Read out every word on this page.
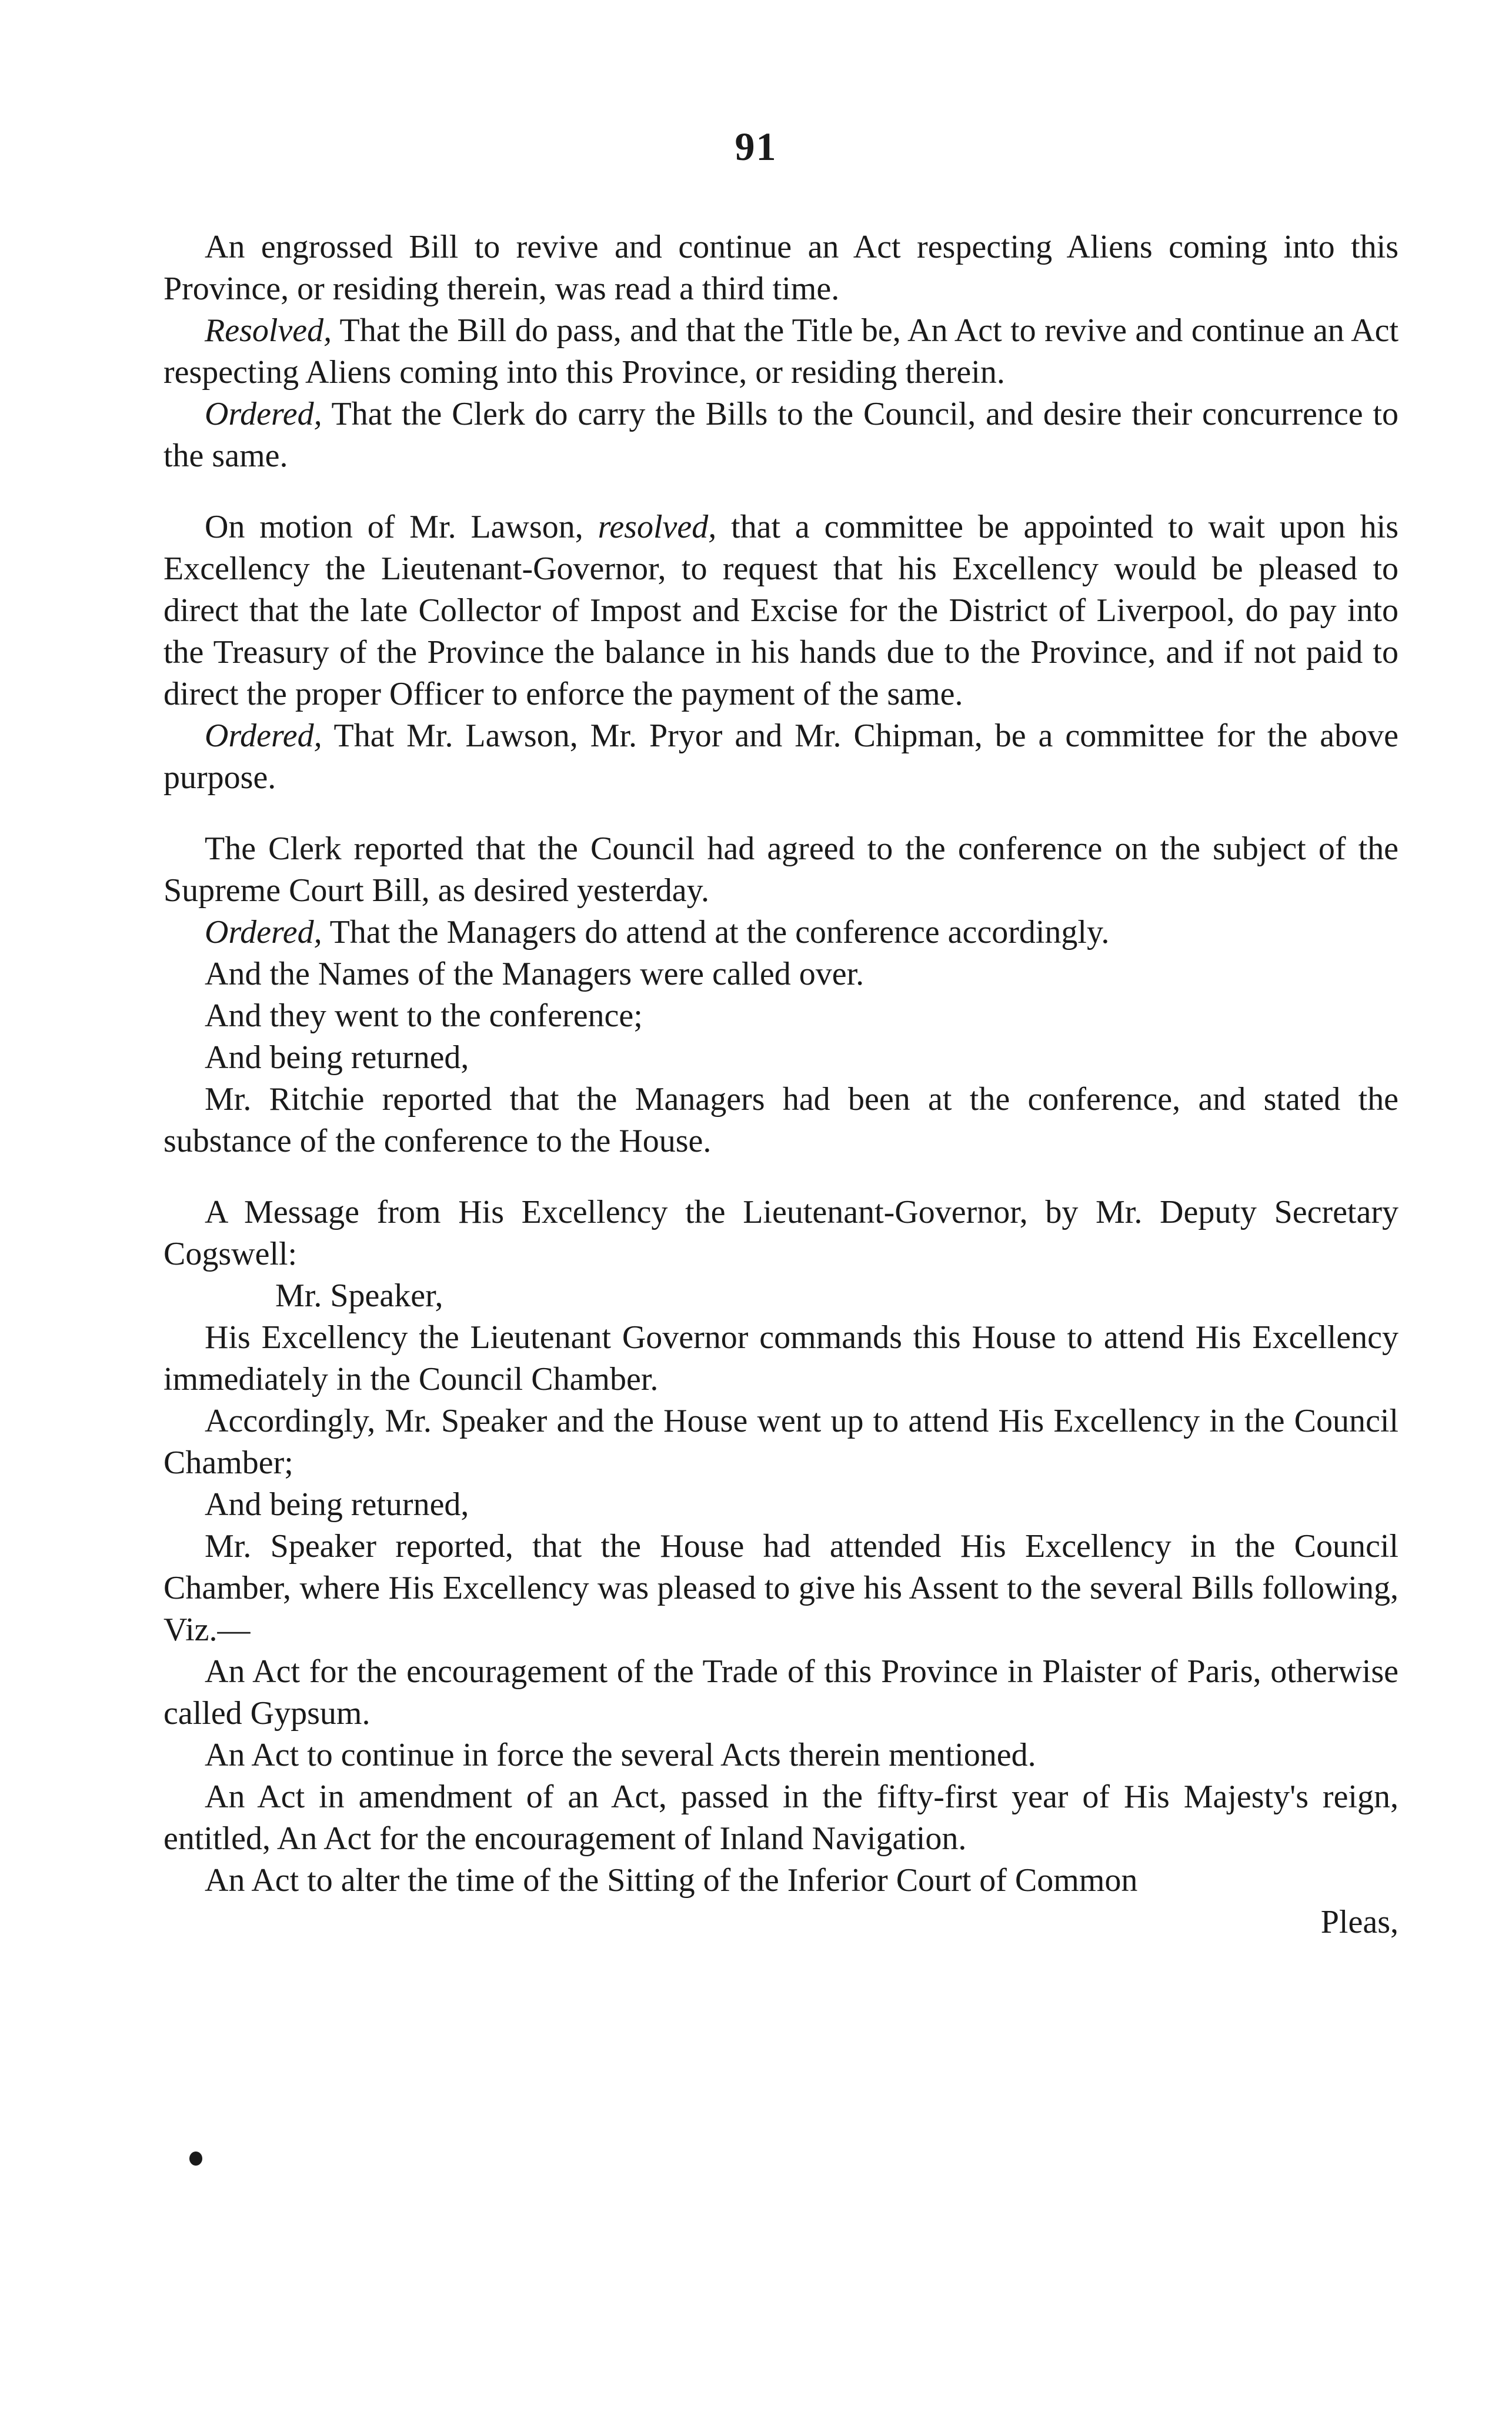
91

An engrossed Bill to revive and continue an Act respecting Aliens coming into this Province, or residing therein, was read a third time.

Resolved, That the Bill do pass, and that the Title be, An Act to revive and continue an Act respecting Aliens coming into this Province, or residing therein.

Ordered, That the Clerk do carry the Bills to the Council, and desire their concurrence to the same.

On motion of Mr. Lawson, resolved, that a committee be appointed to wait upon his Excellency the Lieutenant-Governor, to request that his Excellency would be pleased to direct that the late Collector of Impost and Excise for the District of Liverpool, do pay into the Treasury of the Province the balance in his hands due to the Province, and if not paid to direct the proper Officer to enforce the payment of the same.

Ordered, That Mr. Lawson, Mr. Pryor and Mr. Chipman, be a committee for the above purpose.

The Clerk reported that the Council had agreed to the conference on the subject of the Supreme Court Bill, as desired yesterday.

Ordered, That the Managers do attend at the conference accordingly.

And the Names of the Managers were called over.

And they went to the conference;

And being returned,

Mr. Ritchie reported that the Managers had been at the conference, and stated the substance of the conference to the House.

A Message from His Excellency the Lieutenant-Governor, by Mr. Deputy Secretary Cogswell:

Mr. Speaker,

His Excellency the Lieutenant Governor commands this House to attend His Excellency immediately in the Council Chamber.

Accordingly, Mr. Speaker and the House went up to attend His Excellency in the Council Chamber;

And being returned,

Mr. Speaker reported, that the House had attended His Excellency in the Council Chamber, where His Excellency was pleased to give his Assent to the several Bills following, Viz.—

An Act for the encouragement of the Trade of this Province in Plaister of Paris, otherwise called Gypsum.

An Act to continue in force the several Acts therein mentioned.

An Act in amendment of an Act, passed in the fifty-first year of His Majesty's reign, entitled, An Act for the encouragement of Inland Navigation.

An Act to alter the time of the Sitting of the Inferior Court of Common

Pleas,
